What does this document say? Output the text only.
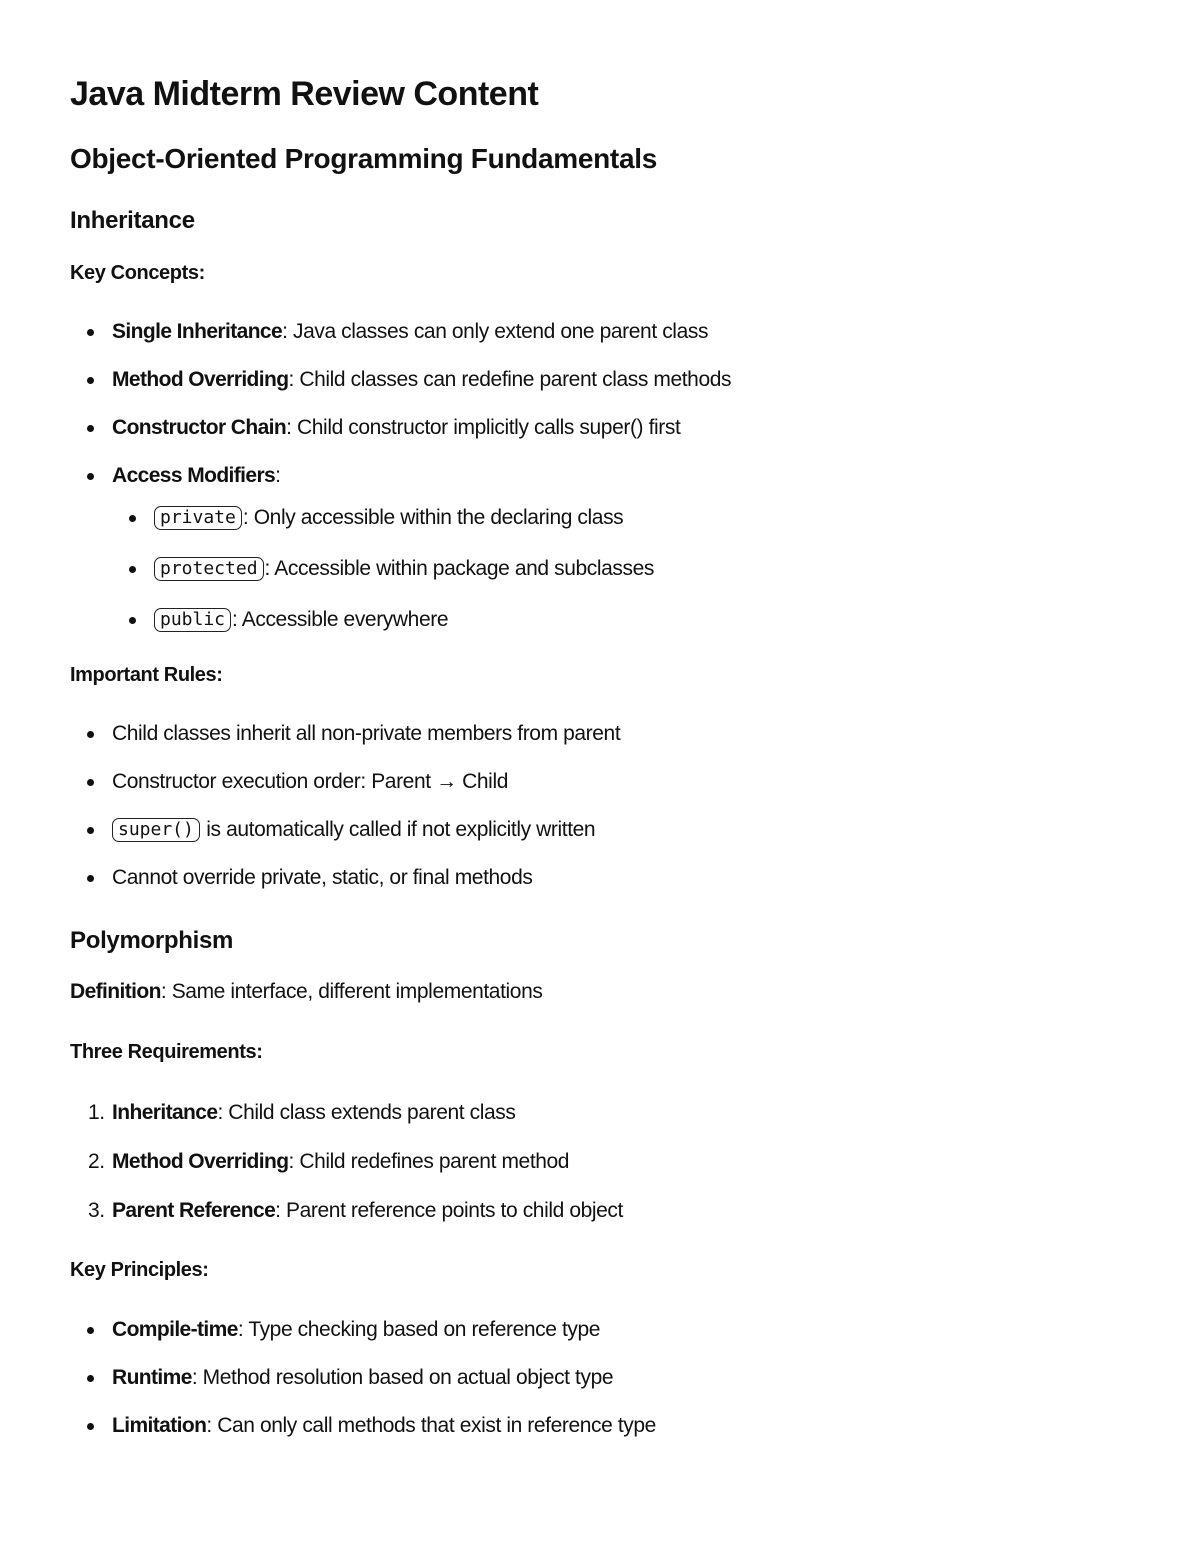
Java Midterm Review Content
Object-Oriented Programming Fundamentals
Inheritance
Key Concepts:
Single Inheritance: Java classes can only extend one parent class
Method Overriding: Child classes can redefine parent class methods
Constructor Chain: Child constructor implicitly calls super() first
Access Modifiers:
private : Only accessible within the declaring class
protected : Accessible within package and subclasses
public : Accessible everywhere
Important Rules:
Child classes inherit all non-private members from parent
Constructor execution order: Parent → Child
super() is automatically called if not explicitly written
Cannot override private, static, or final methods
Polymorphism

Definition: Same interface, different implementations

Three Requirements:
1. Inheritance: Child class extends parent class
2. Method Overriding: Child redefines parent method
3. Parent Reference: Parent reference points to child object
Key Principles:
Compile-time: Type checking based on reference type
Runtime: Method resolution based on actual object type
Limitation: Can only call methods that exist in reference type
